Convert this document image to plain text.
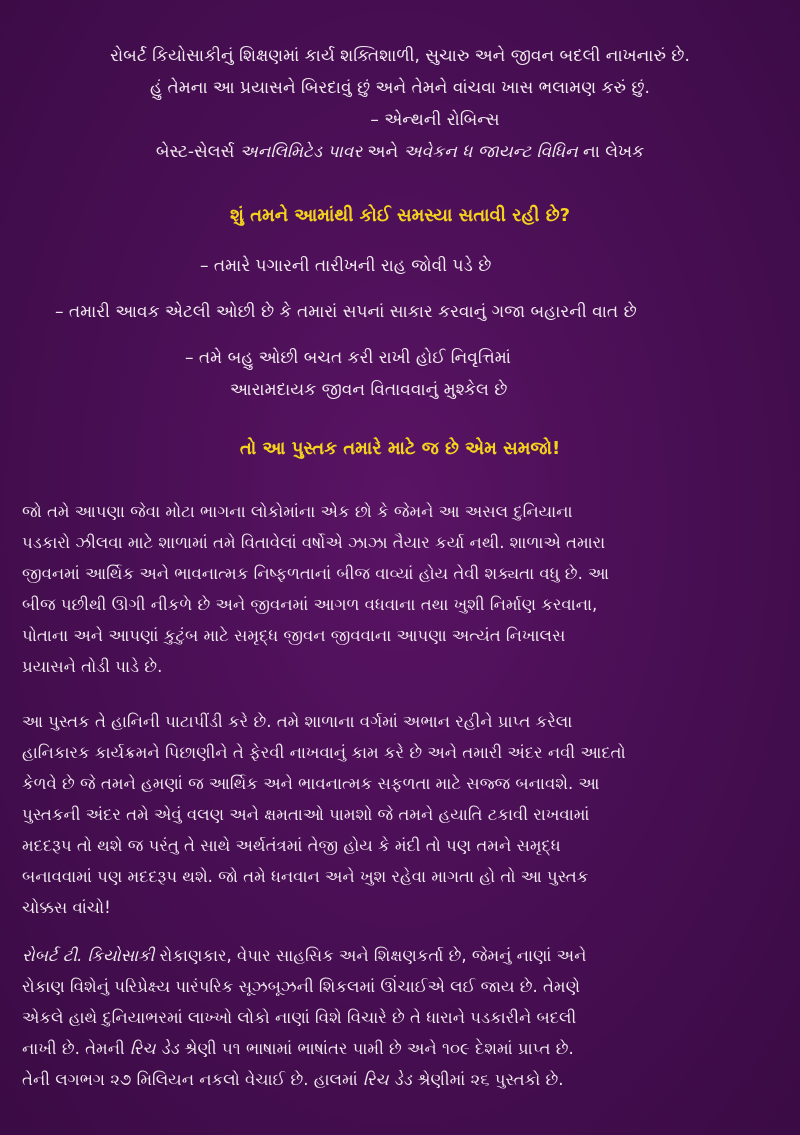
રોબર્ટ કિયોસાકીનું શિક્ષણમાં કાર્ય શક્તિશાળી, સુચારુ અને જીવન બદલી નાખનારું છે.

હું તેમના આ પ્રયાસને બિરદાવું છું અને તેમને વાંચવા ખાસ ભલામણ કરું છું.

– એન્થની રોબિન્સ

બેસ્ટ-સેલર્સ અનલિમિટેડ પાવર અને અવેકન ધ જાયન્ટ વિધિન ના લેખક

શું તમને આમાંથી કોઈ સમસ્યા સતાવી રહી છે?
– તમારે પગારની તારીખની રાહ જોવી પડે છે
– તમારી આવક એટલી ઓછી છે કે તમારાં સપનાં સાકાર કરવાનું ગજા બહારની વાત છે
– તમે બહુ ઓછી બચત કરી રાખી હોઈ નિવૃત્તિમાં
આરામદાયક જીવન વિતાવવાનું મુશ્કેલ છે
તો આ પુસ્તક તમારે માટે જ છે એમ સમજો!
જો તમે આપણા જેવા મોટા ભાગના લોકોમાંના એક છો કે જેમને આ અસલ દુનિયાના
પડકારો ઝીલવા માટે શાળામાં તમે વિતાવેલાં વર્ષોએ ઝાઝા તૈયાર કર્યા નથી. શાળાએ તમારા
જીવનમાં આર્થિક અને ભાવનાત્મક નિષ્ફળતાનાં બીજ વાવ્યાં હોય તેવી શક્યતા વધુ છે. આ
બીજ પછીથી ઊગી નીકળે છે અને જીવનમાં આગળ વધવાના તથા ખુશી નિર્માણ કરવાના,
પોતાના અને આપણાં કુટુંબ માટે સમૃદ્ધ જીવન જીવવાના આપણા અત્યંત નિખાલસ
પ્રયાસને તોડી પાડે છે.
આ પુસ્તક તે હાનિની પાટાપીંડી કરે છે. તમે શાળાના વર્ગમાં અભાન રહીને પ્રાપ્ત કરેલા
હાનિકારક કાર્યક્રમને પિછાણીને તે ફેરવી નાખવાનું કામ કરે છે અને તમારી અંદર નવી આદતો
કેળવે છે જે તમને હમણાં જ આર્થિક અને ભાવનાત્મક સફળતા માટે સજ્જ બનાવશે. આ
પુસ્તકની અંદર તમે એવું વલણ અને ક્ષમતાઓ પામશો જે તમને હયાતિ ટકાવી રાખવામાં
મદદરૂપ તો થશે જ પરંતુ તે સાથે અર્થતંત્રમાં તેજી હોય કે મંદી તો પણ તમને સમૃદ્ધ
બનાવવામાં પણ મદદરૂપ થશે. જો તમે ધનવાન અને ખુશ રહેવા માગતા હો તો આ પુસ્તક
ચોક્કસ વાંચો!
રોબર્ટ ટી. કિયોસાકી રોકાણકાર, વેપાર સાહસિક અને શિક્ષણકર્તા છે, જેમનું નાણાં અને
રોકાણ વિશેનું પરિપ્રેક્ષ્ય પારંપરિક સૂઝબૂઝની શિકલમાં ઊંચાઈએ લઈ જાય છે. તેમણે
એકલે હાથે દુનિયાભરમાં લાખ્ખો લોકો નાણાં વિશે વિચારે છે તે ધારાને પડકારીને બદલી
નાખી છે. તેમની રિચ ડેડ શ્રેણી ૫૧ ભાષામાં ભાષાંતર પામી છે અને ૧૦૯ દેશમાં પ્રાપ્ત છે.
તેની લગભગ ૨૭ મિલિયન નકલો વેચાઈ છે. હાલમાં રિચ ડેડ શ્રેણીમાં ૨૬ પુસ્તકો છે.
